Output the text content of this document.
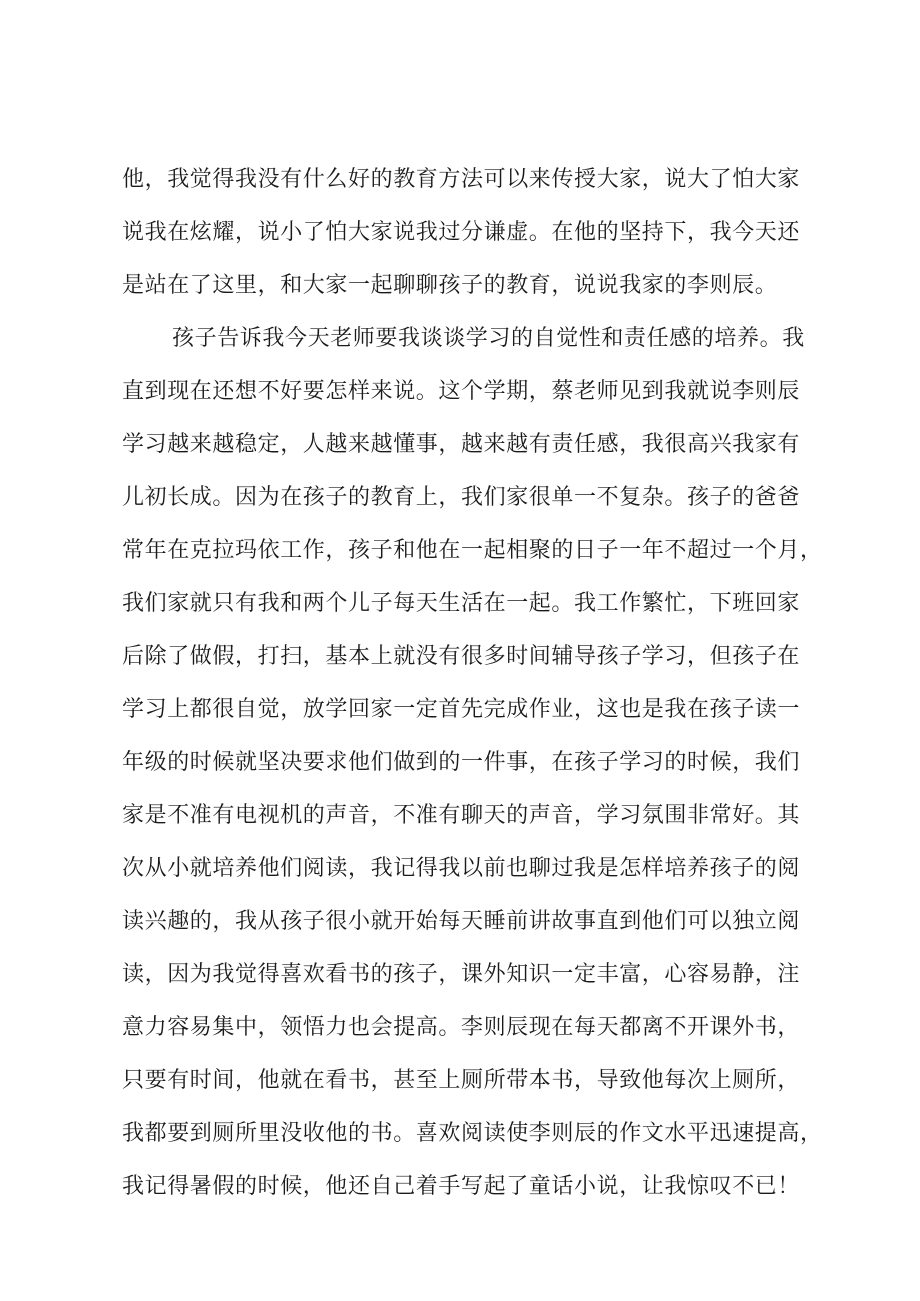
他，我觉得我没有什么好的教育方法可以来传授大家，说大了怕大家
说我在炫耀，说小了怕大家说我过分谦虚。在他的坚持下，我今天还
是站在了这里，和大家一起聊聊孩子的教育，说说我家的李则辰。
孩子告诉我今天老师要我谈谈学习的自觉性和责任感的培养。我
直到现在还想不好要怎样来说。这个学期，蔡老师见到我就说李则辰
学习越来越稳定，人越来越懂事，越来越有责任感，我很高兴我家有
儿初长成。因为在孩子的教育上，我们家很单一不复杂。孩子的爸爸
常年在克拉玛依工作，孩子和他在一起相聚的日子一年不超过一个月，
我们家就只有我和两个儿子每天生活在一起。我工作繁忙，下班回家
后除了做假，打扫，基本上就没有很多时间辅导孩子学习，但孩子在
学习上都很自觉，放学回家一定首先完成作业，这也是我在孩子读一
年级的时候就坚决要求他们做到的一件事，在孩子学习的时候，我们
家是不准有电视机的声音，不准有聊天的声音，学习氛围非常好。其
次从小就培养他们阅读，我记得我以前也聊过我是怎样培养孩子的阅
读兴趣的，我从孩子很小就开始每天睡前讲故事直到他们可以独立阅
读，因为我觉得喜欢看书的孩子，课外知识一定丰富，心容易静，注
意力容易集中，领悟力也会提高。李则辰现在每天都离不开课外书，
只要有时间，他就在看书，甚至上厕所带本书，导致他每次上厕所，
我都要到厕所里没收他的书。喜欢阅读使李则辰的作文水平迅速提高，
我记得暑假的时候，他还自己着手写起了童话小说，让我惊叹不已！
